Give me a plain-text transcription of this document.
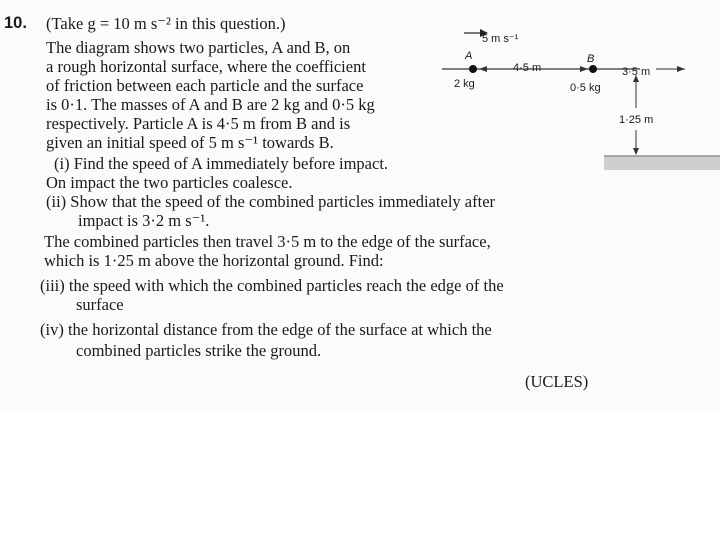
10. (Take g = 10 m s⁻² in this question.)
The diagram shows two particles, A and B, on
a rough horizontal surface, where the coefficient
of friction between each particle and the surface
is 0·1. The masses of A and B are 2 kg and 0·5 kg
respectively. Particle A is 4·5 m from B and is
given an initial speed of 5 m s⁻¹ towards B.
(i) Find the speed of A immediately before impact.
On impact the two particles coalesce.
(ii) Show that the speed of the combined particles immediately after
impact is 3·2 m s⁻¹.
The combined particles then travel 3·5 m to the edge of the surface,
which is 1·25 m above the horizontal ground. Find:
(iii) the speed with which the combined particles reach the edge of the
surface
(iv) the horizontal distance from the edge of the surface at which the
combined particles strike the ground.
(UCLES)
5 m s⁻¹
A	B
4·5 m	3·5 m
2 kg	0·5 kg
1·25 m
